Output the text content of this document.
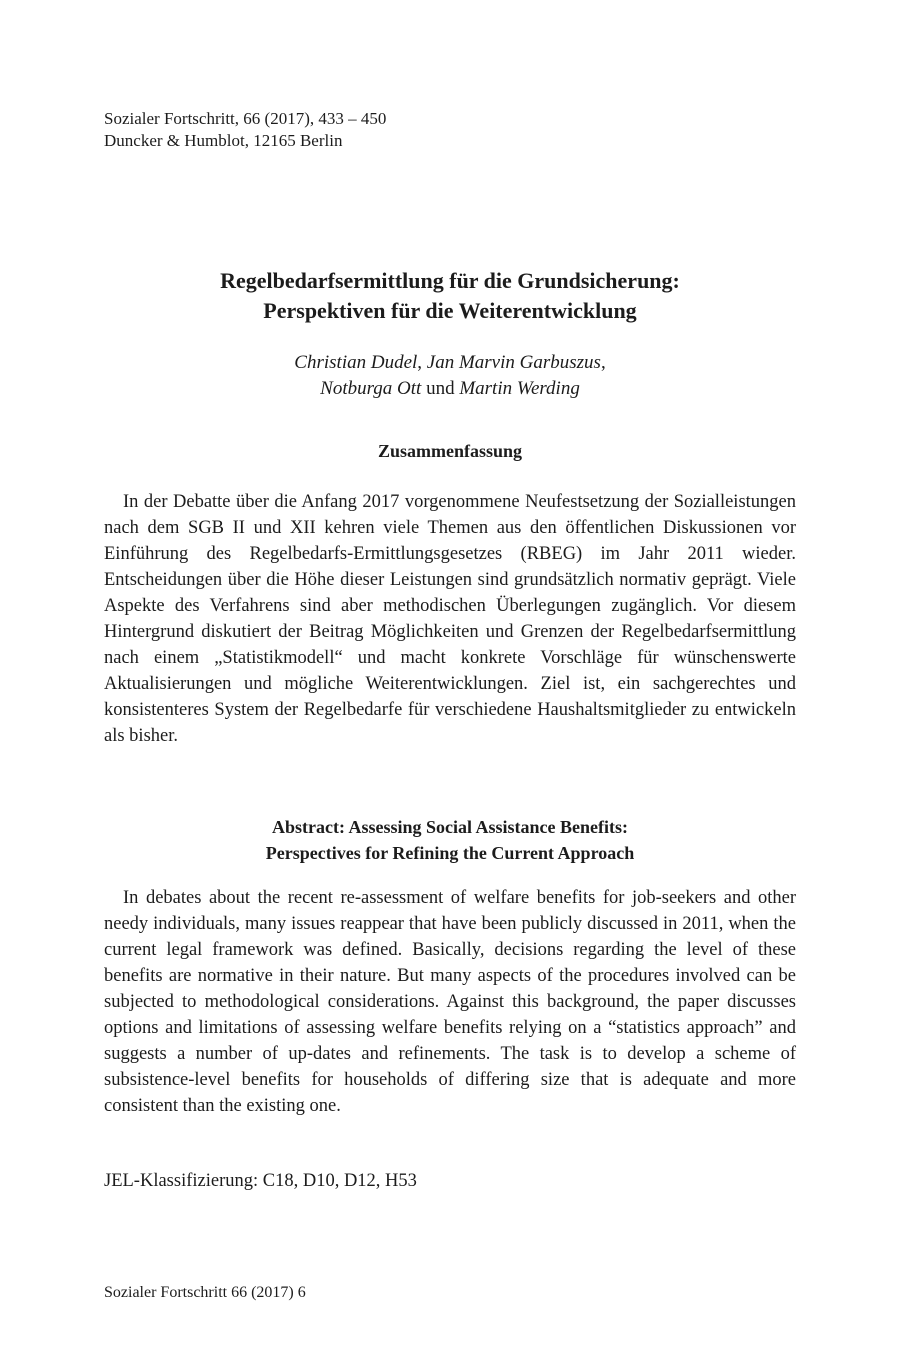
Sozialer Fortschritt, 66 (2017), 433 – 450
Duncker & Humblot, 12165 Berlin
Regelbedarfsermittlung für die Grundsicherung:
Perspektiven für die Weiterentwicklung
Christian Dudel, Jan Marvin Garbuszus,
Notburga Ott und Martin Werding
Zusammenfassung
In der Debatte über die Anfang 2017 vorgenommene Neufestsetzung der Sozialleistungen nach dem SGB II und XII kehren viele Themen aus den öffentlichen Diskussionen vor Einführung des Regelbedarfs-Ermittlungsgesetzes (RBEG) im Jahr 2011 wieder. Entscheidungen über die Höhe dieser Leistungen sind grundsätzlich normativ geprägt. Viele Aspekte des Verfahrens sind aber methodischen Überlegungen zugänglich. Vor diesem Hintergrund diskutiert der Beitrag Möglichkeiten und Grenzen der Regelbedarfsermittlung nach einem „Statistikmodell“ und macht konkrete Vorschläge für wünschenswerte Aktualisierungen und mögliche Weiterentwicklungen. Ziel ist, ein sachgerechtes und konsistenteres System der Regelbedarfe für verschiedene Haushaltsmitglieder zu entwickeln als bisher.
Abstract: Assessing Social Assistance Benefits:
Perspectives for Refining the Current Approach
In debates about the recent re-assessment of welfare benefits for job-seekers and other needy individuals, many issues reappear that have been publicly discussed in 2011, when the current legal framework was defined. Basically, decisions regarding the level of these benefits are normative in their nature. But many aspects of the procedures involved can be subjected to methodological considerations. Against this background, the paper discusses options and limitations of assessing welfare benefits relying on a “statistics approach” and suggests a number of up-dates and refinements. The task is to develop a scheme of subsistence-level benefits for households of differing size that is adequate and more consistent than the existing one.
JEL-Klassifizierung: C18, D10, D12, H53
Sozialer Fortschritt 66 (2017) 6
